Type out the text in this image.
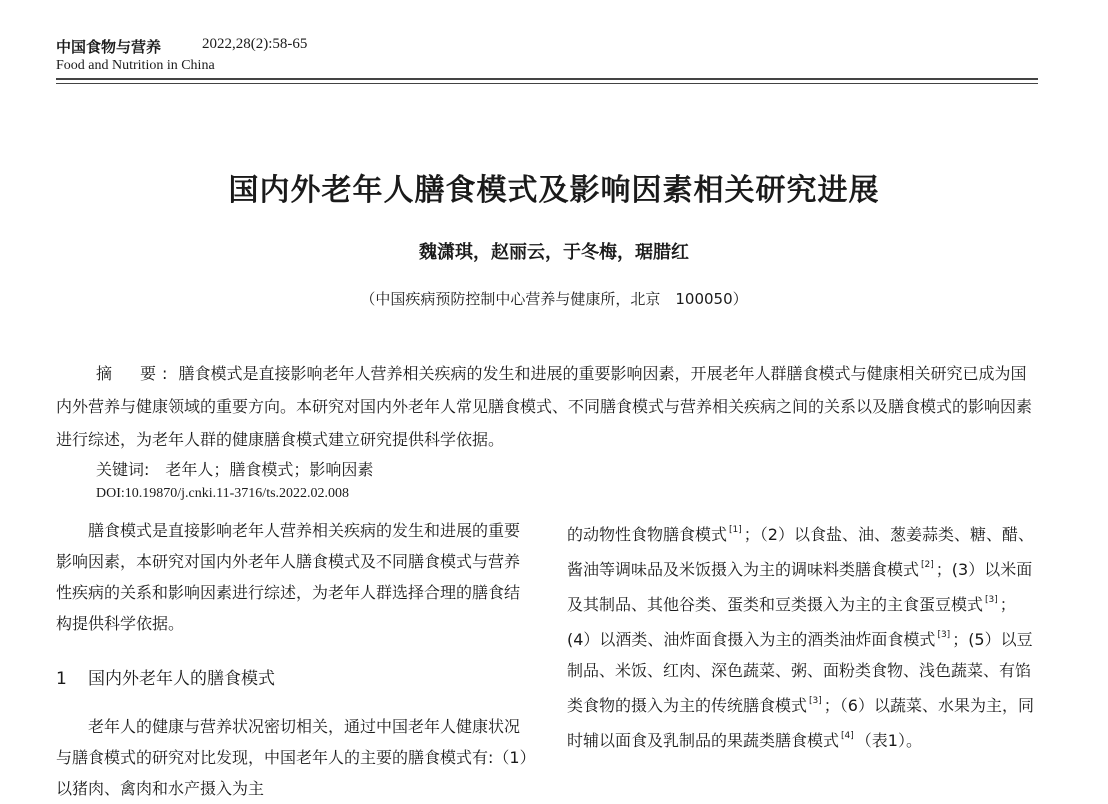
中国食物与营养	2022,28(2):58-65
Food and Nutrition in China
国内外老年人膳食模式及影响因素相关研究进展
魏潇琪，赵丽云，于冬梅，琚腊红
（中国疾病预防控制中心营养与健康所，北京　100050）

摘　要: 膳食模式是直接影响老年人营养相关疾病的发生和进展的重要影响因素，开展老年人群膳食模式与健康相关研究已成为国内外营养与健康领域的重要方向。本研究对国内外老年人常见膳食模式、不同膳食模式与营养相关疾病之间的关系以及膳食模式的影响因素进行综述，为老年人群的健康膳食模式建立研究提供科学依据。

关键词:　 老年人；膳食模式；影响因素
DOI:10.19870/j.cnki.11-3716/ts.2022.02.008

膳食模式是直接影响老年人营养相关疾病的发生和进展的重要影响因素，本研究对国内外老年人膳食模式及不同膳食模式与营养性疾病的关系和影响因素进行综述，为老年人群选择合理的膳食结构提供科学依据。

1 国内外老年人的膳食模式

老年人的健康与营养状况密切相关，通过中国老年人健康状况与膳食模式的研究对比发现，中国老年人的主要的膳食模式有:（1）以猪肉、禽肉和水产摄入为主

的动物性食物膳食模式 [1] ；（2）以食盐、油、葱姜蒜类、糖、醋、酱油等调味品及米饭摄入为主的调味料类膳食模式 [2] ；(3）以米面及其制品、其他谷类、蛋类和豆类摄入为主的主食蛋豆模式 [3] ；(4）以酒类、油炸面食摄入为主的酒类油炸面食模式 [3] ；(5）以豆制品、米饭、红肉、深色蔬菜、粥、面粉类食物、浅色蔬菜、有馅类食物的摄入为主的传统膳食模式 [3] ；（6）以蔬菜、水果为主，同时辅以面食及乳制品的果蔬类膳食模式 [4] （表1）。
